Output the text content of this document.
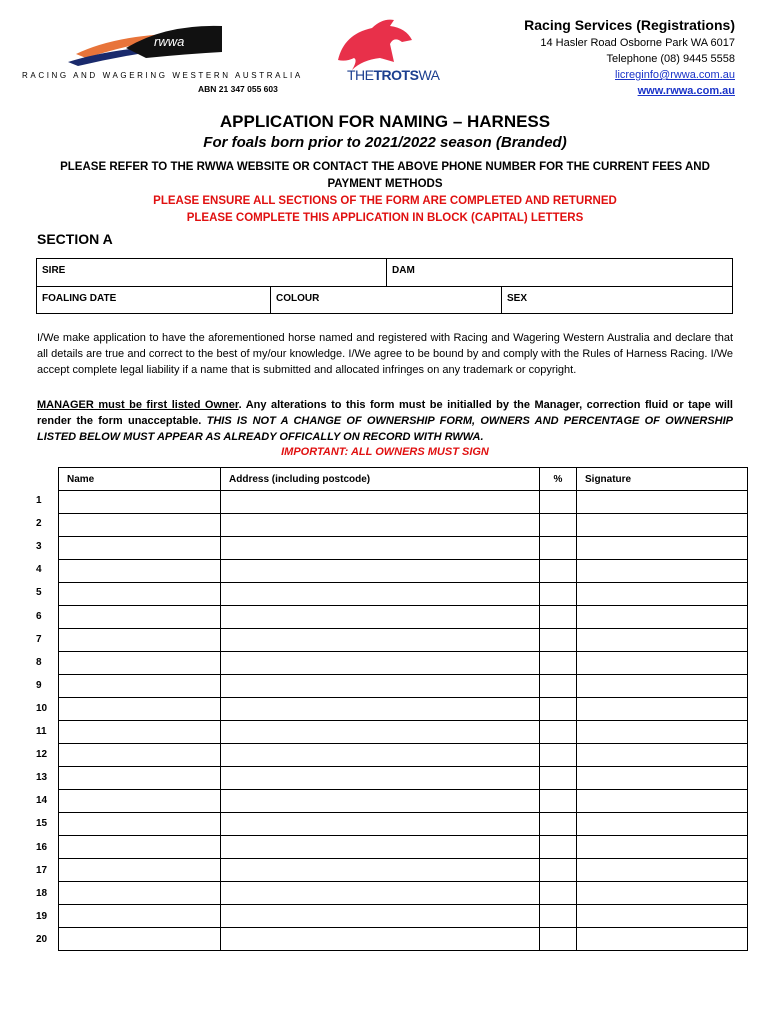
rwwa
RACING AND WAGERING WESTERN AUSTRALIA
ABN 21 347 055 603
THETROTSWA
Racing Services (Registrations)
14 Hasler Road Osborne Park WA 6017
Telephone (08) 9445 5558
licreginfo@rwwa.com.au
www.rwwa.com.au
APPLICATION FOR NAMING – HARNESS
For foals born prior to 2021/2022 season (Branded)
PLEASE REFER TO THE RWWA WEBSITE OR CONTACT THE ABOVE PHONE NUMBER FOR THE CURRENT FEES AND PAYMENT METHODS
PLEASE ENSURE ALL SECTIONS OF THE FORM ARE COMPLETED AND RETURNED
PLEASE COMPLETE THIS APPLICATION IN BLOCK (CAPITAL) LETTERS
SECTION A
SIRE	DAM
FOALING DATE	COLOUR	SEX
I/We make application to have the aforementioned horse named and registered with Racing and Wagering Western Australia and declare that all details are true and correct to the best of my/our knowledge. I/We agree to be bound by and comply with the Rules of Harness Racing. I/We accept complete legal liability if a name that is submitted and allocated infringes on any trademark or copyright.
MANAGER must be first listed Owner. Any alterations to this form must be initialled by the Manager, correction fluid or tape will render the form unacceptable. THIS IS NOT A CHANGE OF OWNERSHIP FORM, OWNERS AND PERCENTAGE OF OWNERSHIP LISTED BELOW MUST APPEAR AS ALREADY OFFICALLY ON RECORD WITH RWWA.
IMPORTANT: ALL OWNERS MUST SIGN
Name	Address (including postcode)	%	Signature

1
2
3
4
5
6
7
8
9
10
11
12
13
14
15
16
17
18
19
20
